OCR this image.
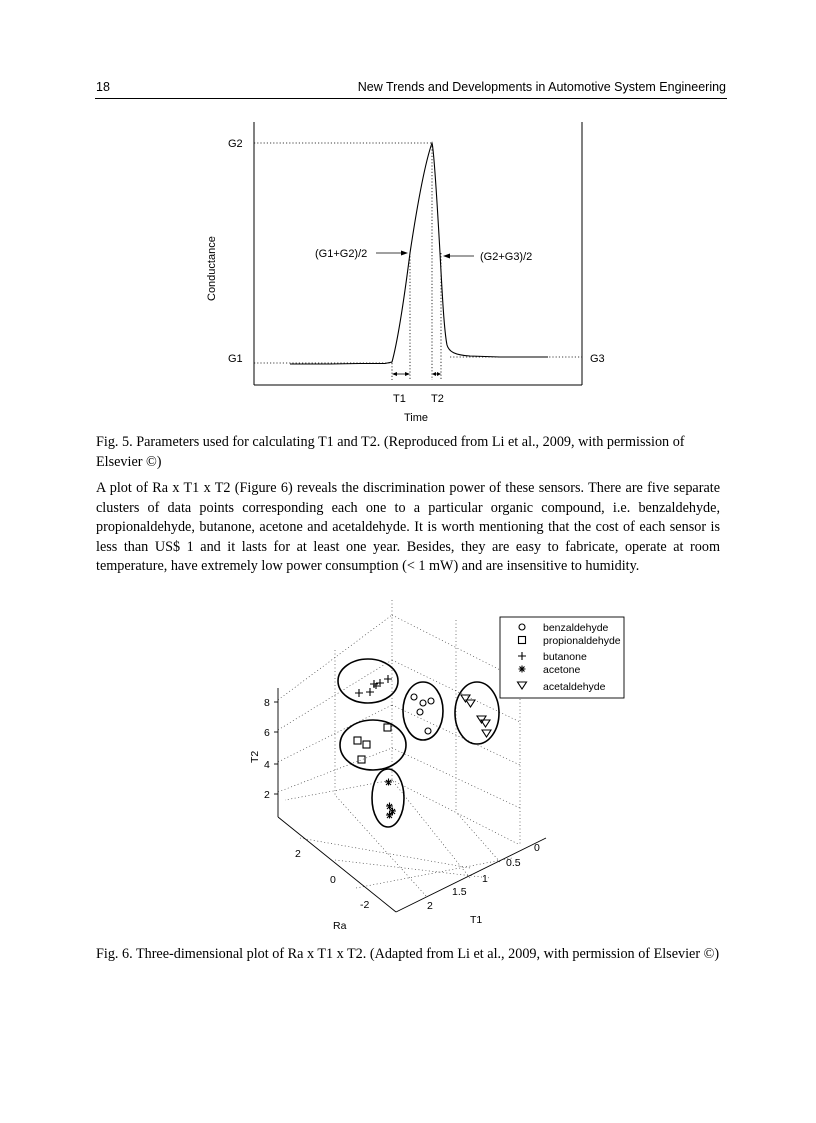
18	New Trends and Developments in Automotive System Engineering
G2
G1	G3
T1 T2
Time
Conductance	(G1+G2)/2	(G2+G3)/2
Fig. 5. Parameters used for calculating T1 and T2. (Reproduced from Li et al., 2009, with permission of Elsevier ©)
A plot of Ra x T1 x T2 (Figure 6) reveals the discrimination power of these sensors. There are five separate clusters of data points corresponding each one to a particular organic compound, i.e. benzaldehyde, propionaldehyde, butanone, acetone and acetaldehyde. It is worth mentioning that the cost of each sensor is less than US$ 1 and it lasts for at least one year. Besides, they are easy to fabricate, operate at room temperature, have extremely low power consumption (< 1 mW) and are insensitive to humidity.
benzaldehyde
propionaldehyde
butanone
acetone
acetaldehyde
8
6
4
2
T2
2
0
-2
Ra
0
0.5
1
1.5
2
T1
Fig. 6. Three-dimensional plot of Ra x T1 x T2. (Adapted from Li et al., 2009, with permission of Elsevier ©)
